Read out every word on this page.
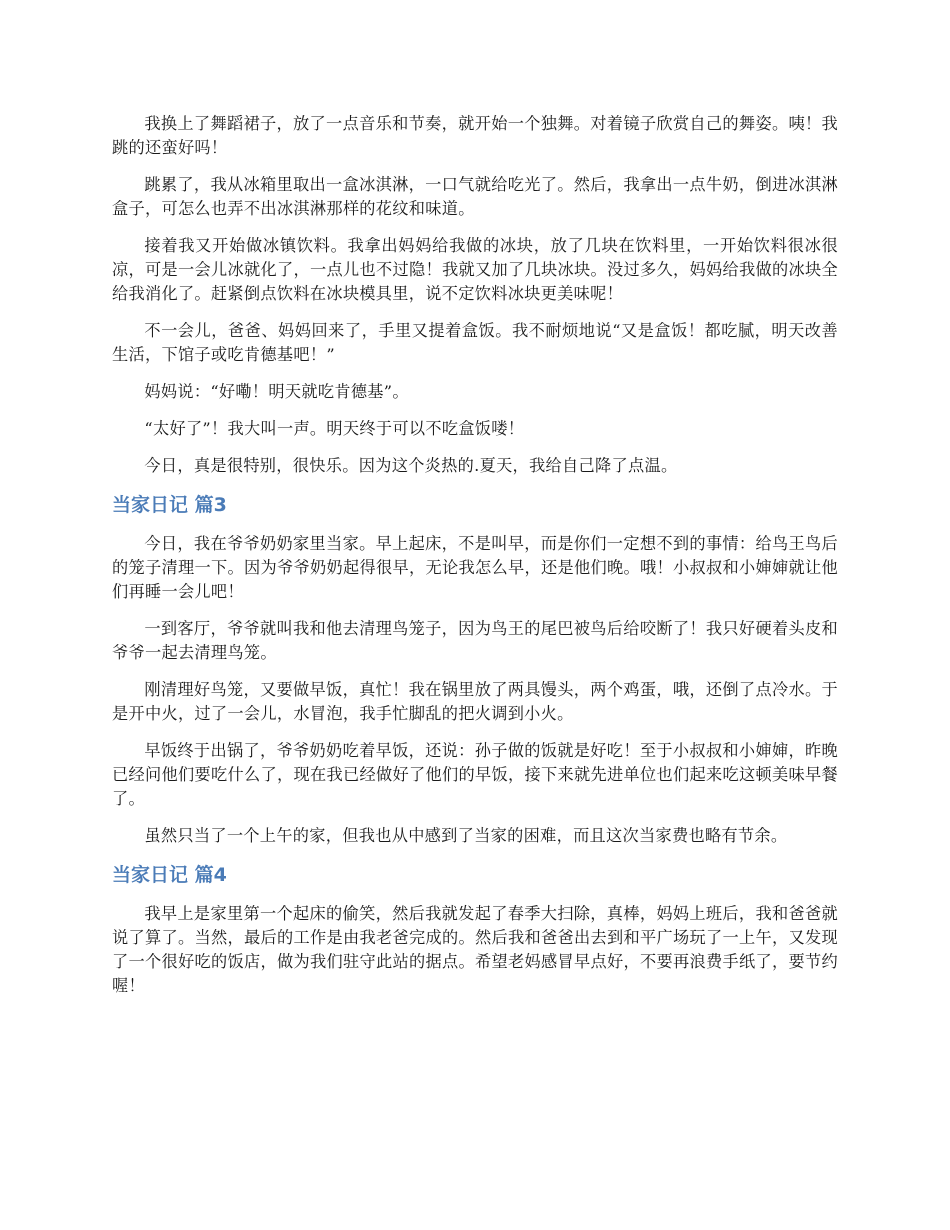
我换上了舞蹈裙子，放了一点音乐和节奏，就开始一个独舞。对着镜子欣赏自己的舞姿。咦！我跳的还蛮好吗！

跳累了，我从冰箱里取出一盒冰淇淋，一口气就给吃光了。然后，我拿出一点牛奶，倒进冰淇淋盒子，可怎么也弄不出冰淇淋那样的花纹和味道。

接着我又开始做冰镇饮料。我拿出妈妈给我做的冰块，放了几块在饮料里，一开始饮料很冰很凉，可是一会儿冰就化了，一点儿也不过隐！我就又加了几块冰块。没过多久，妈妈给我做的冰块全给我消化了。赶紧倒点饮料在冰块模具里，说不定饮料冰块更美味呢！

不一会儿，爸爸、妈妈回来了，手里又提着盒饭。我不耐烦地说“又是盒饭！都吃腻，明天改善生活，下馆子或吃肯德基吧！”

妈妈说：“好嘞！明天就吃肯德基”。

“太好了”！我大叫一声。明天终于可以不吃盒饭喽！

今日，真是很特别，很快乐。因为这个炎热的.夏天，我给自己降了点温。

当家日记 篇3

今日，我在爷爷奶奶家里当家。早上起床，不是叫早，而是你们一定想不到的事情：给鸟王鸟后的笼子清理一下。因为爷爷奶奶起得很早，无论我怎么早，还是他们晚。哦！小叔叔和小婶婶就让他们再睡一会儿吧！

一到客厅，爷爷就叫我和他去清理鸟笼子，因为鸟王的尾巴被鸟后给咬断了！我只好硬着头皮和爷爷一起去清理鸟笼。

刚清理好鸟笼，又要做早饭，真忙！我在锅里放了两具馒头，两个鸡蛋，哦，还倒了点冷水。于是开中火，过了一会儿，水冒泡，我手忙脚乱的把火调到小火。

早饭终于出锅了，爷爷奶奶吃着早饭，还说：孙子做的饭就是好吃！至于小叔叔和小婶婶，昨晚已经问他们要吃什么了，现在我已经做好了他们的早饭，接下来就先进单位也们起来吃这顿美味早餐了。

虽然只当了一个上午的家，但我也从中感到了当家的困难，而且这次当家费也略有节余。

当家日记 篇4

我早上是家里第一个起床的偷笑，然后我就发起了春季大扫除，真棒，妈妈上班后，我和爸爸就说了算了。当然，最后的工作是由我老爸完成的。然后我和爸爸出去到和平广场玩了一上午，又发现了一个很好吃的饭店，做为我们驻守此站的据点。希望老妈感冒早点好，不要再浪费手纸了，要节约喔！
